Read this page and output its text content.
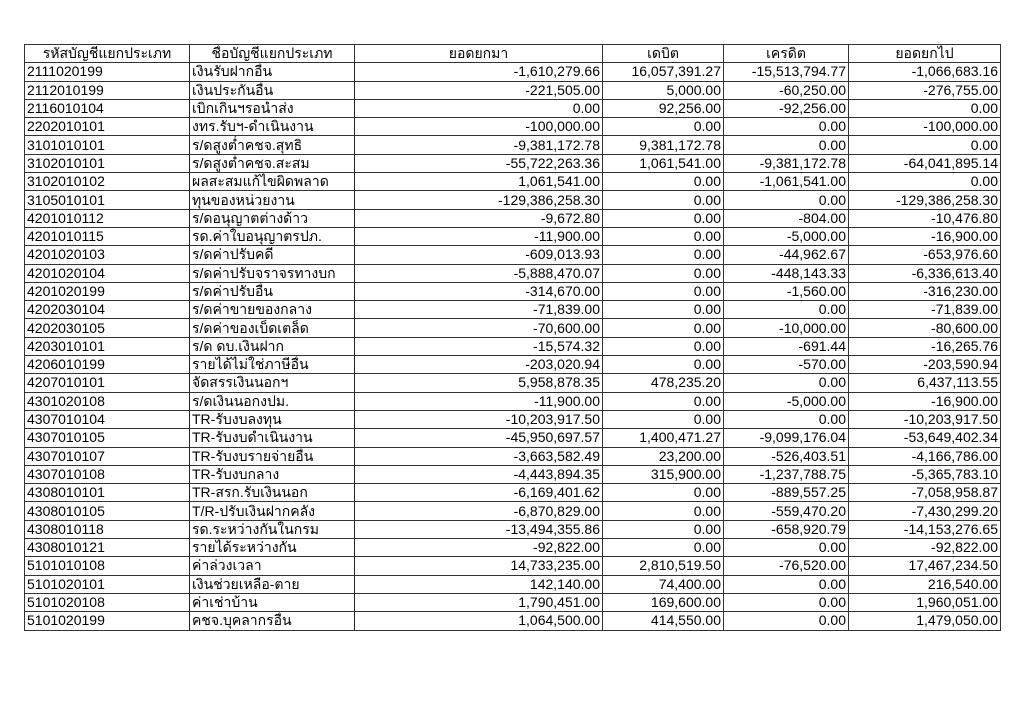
รหัสบัญชีแยกประเภท	ชื่อบัญชีแยกประเภท	ยอดยกมา	เดบิต	เครดิต	ยอดยกไป
2111020199	เงินรับฝากอื่น	-1,610,279.66	16,057,391.27	-15,513,794.77	-1,066,683.16
2112010199	เงินประกันอื่น	-221,505.00	5,000.00	-60,250.00	-276,755.00
2116010104	เบิกเกินฯรอนำส่ง	0.00	92,256.00	-92,256.00	0.00
2202010101	งทร.รับฯ-ดำเนินงาน	-100,000.00	0.00	0.00	-100,000.00
3101010101	ร/ดสูงต่ำคชจ.สุทธิ	-9,381,172.78	9,381,172.78	0.00	0.00
3102010101	ร/ดสูงต่ำคชจ.สะสม	-55,722,263.36	1,061,541.00	-9,381,172.78	-64,041,895.14
3102010102	ผลสะสมแก้ไขผิดพลาด	1,061,541.00	0.00	-1,061,541.00	0.00
3105010101	ทุนของหน่วยงาน	-129,386,258.30	0.00	0.00	-129,386,258.30
4201010112	ร/ดอนุญาตต่างด้าว	-9,672.80	0.00	-804.00	-10,476.80
4201010115	รด.ค่าใบอนุญาตรปภ.	-11,900.00	0.00	-5,000.00	-16,900.00
4201020103	ร/ดค่าปรับคดี	-609,013.93	0.00	-44,962.67	-653,976.60
4201020104	ร/ดค่าปรับจราจรทางบก	-5,888,470.07	0.00	-448,143.33	-6,336,613.40
4201020199	ร/ดค่าปรับอื่น	-314,670.00	0.00	-1,560.00	-316,230.00
4202030104	ร/ดค่าขายของกลาง	-71,839.00	0.00	0.00	-71,839.00
4202030105	ร/ดค่าของเบ็ดเตล็ด	-70,600.00	0.00	-10,000.00	-80,600.00
4203010101	ร/ด ดบ.เงินฝาก	-15,574.32	0.00	-691.44	-16,265.76
4206010199	รายได้ไม่ใช่ภาษีอื่น	-203,020.94	0.00	-570.00	-203,590.94
4207010101	จัดสรรเงินนอกฯ	5,958,878.35	478,235.20	0.00	6,437,113.55
4301020108	ร/ดเงินนอกงปม.	-11,900.00	0.00	-5,000.00	-16,900.00
4307010104	TR-รับงบลงทุน	-10,203,917.50	0.00	0.00	-10,203,917.50
4307010105	TR-รับงบดำเนินงาน	-45,950,697.57	1,400,471.27	-9,099,176.04	-53,649,402.34
4307010107	TR-รับงบรายจ่ายอื่น	-3,663,582.49	23,200.00	-526,403.51	-4,166,786.00
4307010108	TR-รับงบกลาง	-4,443,894.35	315,900.00	-1,237,788.75	-5,365,783.10
4308010101	TR-สรก.รับเงินนอก	-6,169,401.62	0.00	-889,557.25	-7,058,958.87
4308010105	T/R-ปรับเงินฝากคลัง	-6,870,829.00	0.00	-559,470.20	-7,430,299.20
4308010118	รด.ระหว่างกันในกรม	-13,494,355.86	0.00	-658,920.79	-14,153,276.65
4308010121	รายได้ระหว่างกัน	-92,822.00	0.00	0.00	-92,822.00
5101010108	ค่าล่วงเวลา	14,733,235.00	2,810,519.50	-76,520.00	17,467,234.50
5101020101	เงินช่วยเหลือ-ตาย	142,140.00	74,400.00	0.00	216,540.00
5101020108	ค่าเช่าบ้าน	1,790,451.00	169,600.00	0.00	1,960,051.00
5101020199	คชจ.บุคลากรอื่น	1,064,500.00	414,550.00	0.00	1,479,050.00
